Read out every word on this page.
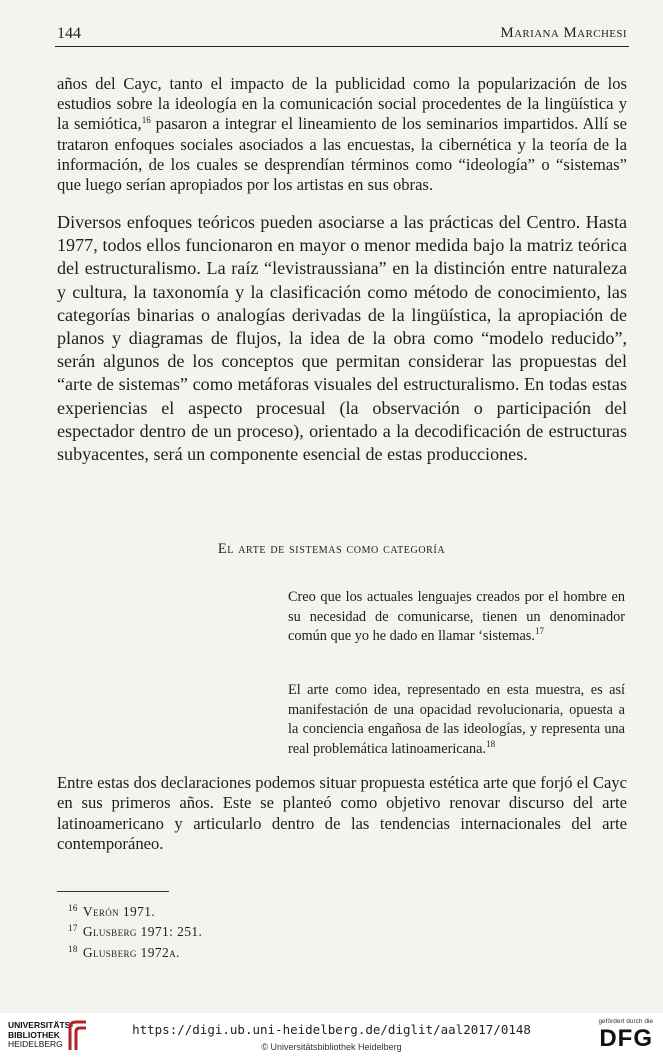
144	Mariana Marchesi

años del Cayc, tanto el impacto de la publicidad como la popularización de los estudios sobre la ideología en la comunicación social procedentes de la lingüística y la semiótica,$^{16}$ pasaron a integrar el lineamiento de los seminarios impartidos. Allí se trataron enfoques sociales asociados a las encuestas, la cibernética y la teoría de la información, de los cuales se desprendían términos como “ideología” o “sistemas” que luego serían apropiados por los artistas en sus obras.

Diversos enfoques teóricos pueden asociarse a las prácticas del Centro. Hasta 1977, todos ellos funcionaron en mayor o menor medida bajo la matriz teórica del estructuralismo. La raíz “levistraussiana” en la distinción entre naturaleza y cultura, la taxonomía y la clasificación como método de conocimiento, las categorías binarias o analogías derivadas de la lingüística, la apropiación de planos y diagramas de flujos, la idea de la obra como “modelo reducido”, serán algunos de los conceptos que permitan considerar las propuestas del “arte de sistemas” como metáforas visuales del estructuralismo. En todas estas experiencias el aspecto procesual (la observación o participación del espectador dentro de un proceso), orientado a la decodificación de estructuras subyacentes, será un componente esencial de estas producciones.

El arte de sistemas como categoría

Creo que los actuales lenguajes creados por el hombre en su necesidad de comunicarse, tienen un denominador común que yo he dado en llamar ‘sistemas.$^{17}$

El arte como idea, representado en esta muestra, es así manifestación de una opacidad revolucionaria, opuesta a la conciencia engañosa de las ideologías, y representa una real problemática latinoamericana.$^{18}$

Entre estas dos declaraciones podemos situar propuesta estética arte que forjó el Cayc en sus primeros años. Este se planteó como objetivo renovar discurso del arte latinoamericano y articularlo dentro de las tendencias internacionales del arte contemporáneo.

$^{16}$ Verón 1971.
$^{17}$ Glusberg 1971: 251.
$^{18}$ Glusberg 1972a.
UNIVERSITÄTS-
BIBLIOTHEK
HEIDELBERG
https://digi.ub.uni-heidelberg.de/diglit/aal2017/0148
© Universitätsbibliothek Heidelberg
gefördert durch die
DFG
